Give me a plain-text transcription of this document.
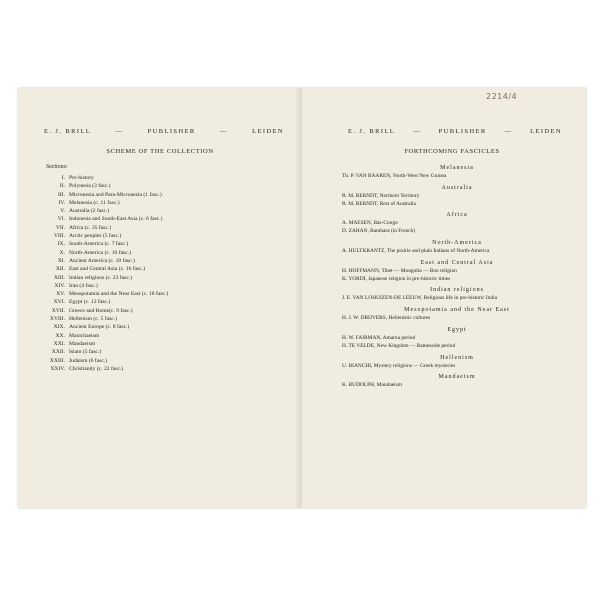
E. J. BRILL	—	PUBLISHER	—	LEIDEN
SCHEME OF THE COLLECTION
Sections:
I. Pre-history
II. Polynesia (3 fasc.)
III. Micronesia and Para-Micronesia (1 fasc.)
IV. Melanesia (c. 11 fasc.)
V. Australia (2 fasc.)
VI. Indonesia and South-East Asia (c. 6 fasc.)
VII. Africa (c. 35 fasc.)
VIII. Arctic peoples (5 fasc.)
IX. South-America (c. 7 fasc.)
X. North-America (c. 10 fasc.)
XI. Ancient America (c. 10 fasc.)
XII. East and Central Asia (c. 16 fasc.)
XIII. Indian religions (c. 23 fasc.)
XIV. Iran (4 fasc.)
XV. Mesopotamia and the Near East (c. 18 fasc.)
XVI. Egypt (c. 12 fasc.)
XVII. Greece and Rome(c. 9 fasc.)
XVIII. Hellenism (c. 5 fasc.)
XIX. Ancient Europe (c. 8 fasc.)
XX. Manichaeism
XXI. Mandaeism
XXII. Islam (5 fasc.)
XXIII. Judaism (6 fasc.)
XXIV. Christianity (c. 22 fasc.)
E. J. BRILL	—	PUBLISHER	—	LEIDEN
FORTHCOMING FASCICLES
Melanesia
Th. P. VAN BAAREN, North-West New Guinea
Australia
R. M. BERNDT, Northern Territory
R. M. BERNDT, Rest of Australia
Africa
A. MAESEN, Bas-Congo
D. ZAHAN, Bambara (in French)
North-America
A. HULTKRANTZ, The prairie and plain Indians of North-America
East and Central Asia
H. HOFFMANN, Tibet — Mongolia — Bon religion
K. YORDI, Japanese religion in pre-historic times
Indian religions
J. E. VAN LOHUIZEN-DE LEEUW, Religious life in pre-historic India
Mesopotamia and the Near East
H. J. W. DRIJVERS, Hellenistic cultures
Egypt
H. W. FAIRMAN, Amarna period
H. TE VELDE, New Kingdom — Ramesside period
Hellenism
U. BIANCHI, Mystery religions — Greek mysteries
Mandaeism
K. RUDOLPH, Mandaeism
2214/4
